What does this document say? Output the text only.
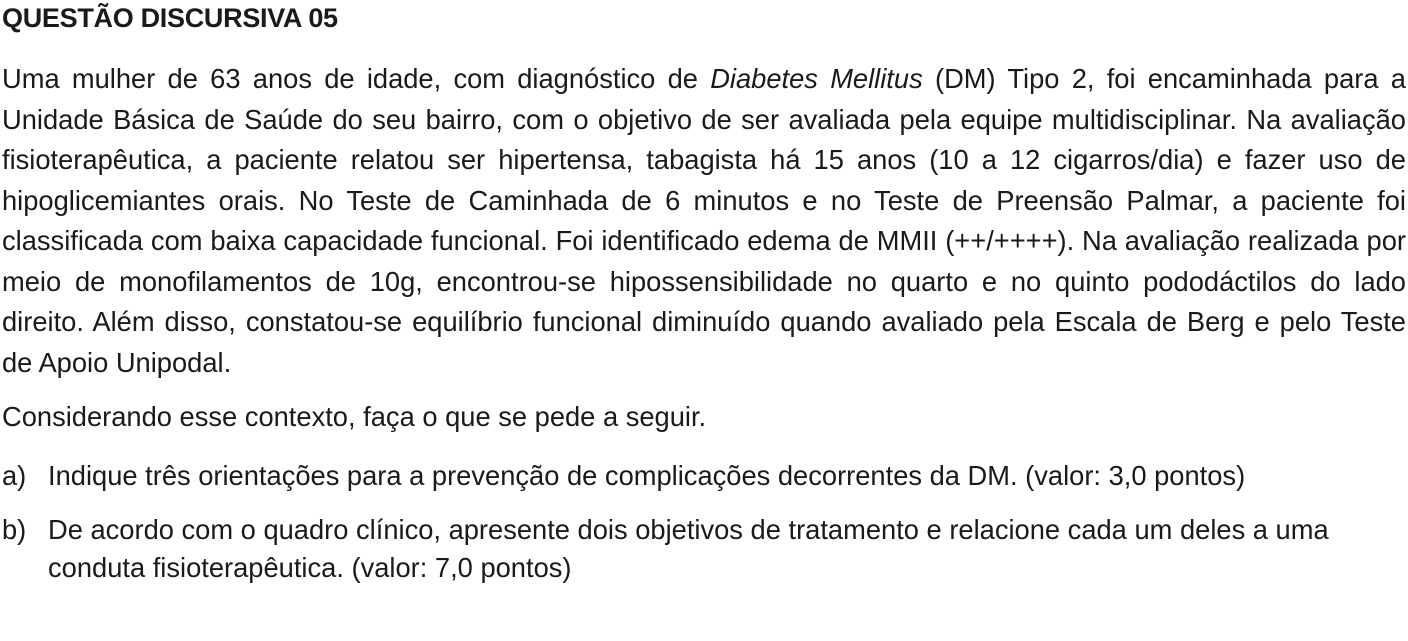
QUESTÃO DISCURSIVA 05

Uma mulher de 63 anos de idade, com diagnóstico de Diabetes Mellitus (DM) Tipo 2, foi encaminhada para a Unidade Básica de Saúde do seu bairro, com o objetivo de ser avaliada pela equipe multidisciplinar. Na avaliação fisioterapêutica, a paciente relatou ser hipertensa, tabagista há 15 anos (10 a 12 cigarros/dia) e fazer uso de hipoglicemiantes orais. No Teste de Caminhada de 6 minutos e no Teste de Preensão Palmar, a paciente foi classificada com baixa capacidade funcional. Foi identificado edema de MMII (++/++++). Na avaliação realizada por meio de monofilamentos de 10g, encontrou-se hipossensibilidade no quarto e no quinto pododáctilos do lado direito. Além disso, constatou-se equilíbrio funcional diminuído quando avaliado pela Escala de Berg e pelo Teste de Apoio Unipodal.

Considerando esse contexto, faça o que se pede a seguir.

a) Indique três orientações para a prevenção de complicações decorrentes da DM. (valor: 3,0 pontos)
b) De acordo com o quadro clínico, apresente dois objetivos de tratamento e relacione cada um deles a uma conduta fisioterapêutica. (valor: 7,0 pontos)
